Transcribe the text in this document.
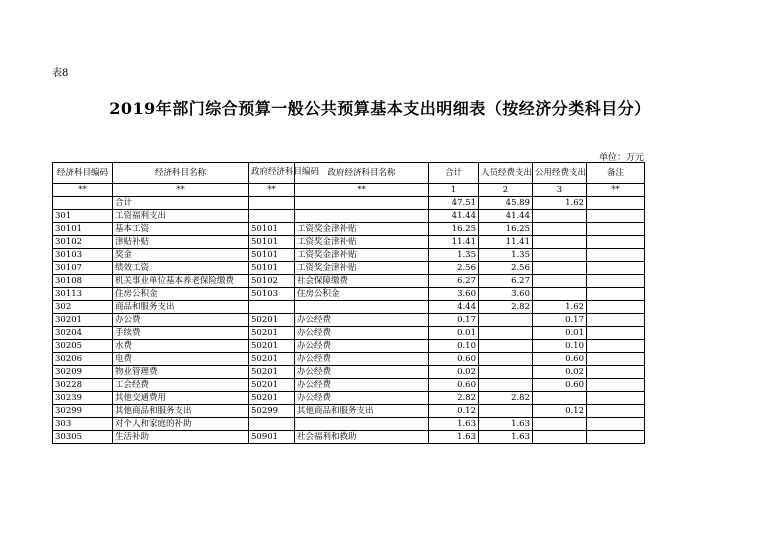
表8
2019年部门综合预算一般公共预算基本支出明细表（按经济分类科目分）
单位：万元
经济科目编码	经济科目名称	政府经济科目编码	政府经济科目名称	合计	人员经费支出	公用经费支出	备注
**	**	**	**	1	2	3	**
	合计			47.51	45.89	1.62	
301	工资福利支出			41.44	41.44		
30101	基本工资	50101	工资奖金津补贴	16.25	16.25		
30102	津贴补贴	50101	工资奖金津补贴	11.41	11.41		
30103	奖金	50101	工资奖金津补贴	1.35	1.35		
30107	绩效工资	50101	工资奖金津补贴	2.56	2.56		
30108	机关事业单位基本养老保险缴费	50102	社会保障缴费	6.27	6.27		
30113	住房公积金	50103	住房公积金	3.60	3.60		
302	商品和服务支出			4.44	2.82	1.62	
30201	办公费	50201	办公经费	0.17		0.17	
30204	手续费	50201	办公经费	0.01		0.01	
30205	水费	50201	办公经费	0.10		0.10	
30206	电费	50201	办公经费	0.60		0.60	
30209	物业管理费	50201	办公经费	0.02		0.02	
30228	工会经费	50201	办公经费	0.60		0.60	
30239	其他交通费用	50201	办公经费	2.82	2.82		
30299	其他商品和服务支出	50299	其他商品和服务支出	0.12		0.12	
303	对个人和家庭的补助			1.63	1.63		
30305	生活补助	50901	社会福利和救助	1.63	1.63		
